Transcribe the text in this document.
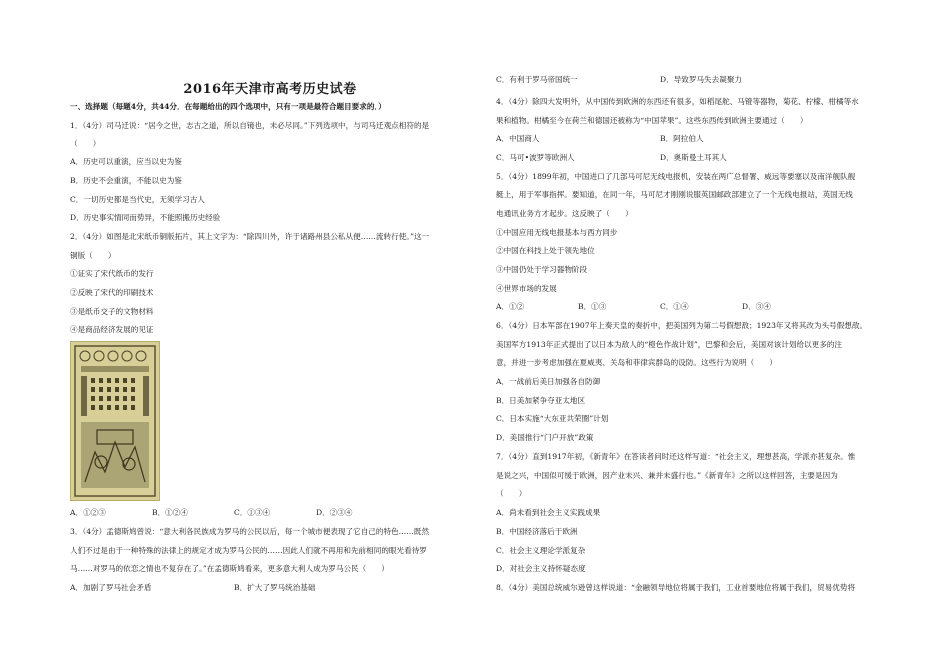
2016年天津市高考历史试卷
一、选择题（每题4分，共44分．在每题给出的四个选项中，只有一项是最符合题目要求的．）
1．（4分）司马迁说：“居今之世，志古之道，所以自镜也，未必尽同。”下列选项中，与司马迁观点相符的是
（　　）
A．历史可以重演，应当以史为鉴
B．历史不会重演，不能以史为鉴
C．一切历史都是当代史，无须学习古人
D．历史事实情同而势异，不能照搬历史经验
2．（4分）如图是北宋纸币铜版拓片，其上文字为：“除四川外，许于诸路州县公私从便……流转行使。”这一
铜版（　　）
①证实了宋代纸币的发行
②反映了宋代的印刷技术
③是纸币交子的文物材料
④是商品经济发展的见证
A．①②③	B．①②④	C．①③④	D．②③④
3．（4分）孟德斯鸠曾说：“意大利各民族成为罗马的公民以后，每一个城市便表现了它自己的特色……既然
人们不过是由于一种特殊的法律上的规定才成为罗马公民的……因此人们就不再用和先前相同的眼光看待罗
马……对罗马的依恋之情也不复存在了。”在孟德斯鸠看来，更多意大利人成为罗马公民（　　）
A．加剧了罗马社会矛盾	B．扩大了罗马统治基础
C．有利于罗马帝国统一	D．导致罗马失去凝聚力
4．（4分）除四大发明外，从中国传到欧洲的东西还有很多，如稻尾舵、马镫等器物，菊花、柠檬、柑橘等水
果和植物。柑橘至今在荷兰和德国还被称为“中国苹果”。这些东西传到欧洲主要通过（　　）
A．中国商人	B．阿拉伯人
C．马可•波罗等欧洲人	D．奥斯曼土耳其人
5．（4分）1899年初，中国进口了几部马可尼无线电报机，安装在两广总督署、威远等要塞以及南洋舰队舰
艇上，用于军事指挥。要知道，在同一年，马可尼才刚刚说服英国邮政部建立了一个无线电报站，英国无线
电通讯业务方才起步。这反映了（　　）
①中国应用无线电报基本与西方同步
②中国在科技上处于领先地位
③中国仍处于学习器物阶段
④世界市场的发展
A．①②	B．①③	C．①④	D．③④
6．（4分）日本军部在1907年上奏天皇的奏折中，把美国列为第二号假想敌；1923年又将其改为头号假想敌。
美国军方1913年正式提出了以日本为敌人的“橙色作战计划”，巴黎和会后，美国对该计划给以更多的注
意，并进一步考虑加强在夏威夷、关岛和菲律宾群岛的设防。这些行为说明（　　）
A．一战前后美日加强各自防御
B．日美加紧争夺亚太地区
C．日本实施“大东亚共荣圈”计划
D．美国推行“门户开放”政策
7．（4分）直到1917年初，《新青年》在答读者问时还这样写道：“社会主义，理想甚高，学派亦甚复杂。惟
是说之兴，中国似可缓于欧洲，因产业未兴、兼并未盛行也。”《新青年》之所以这样回答，主要是因为
（　　）
A．尚未看到社会主义实践成果
B．中国经济落后于欧洲
C．社会主义理论学派复杂
D．对社会主义持怀疑态度
8．（4分）美国总统威尔逊曾这样说道：“金融领导地位将属于我们，工业首要地位将属于我们，贸易优势将
